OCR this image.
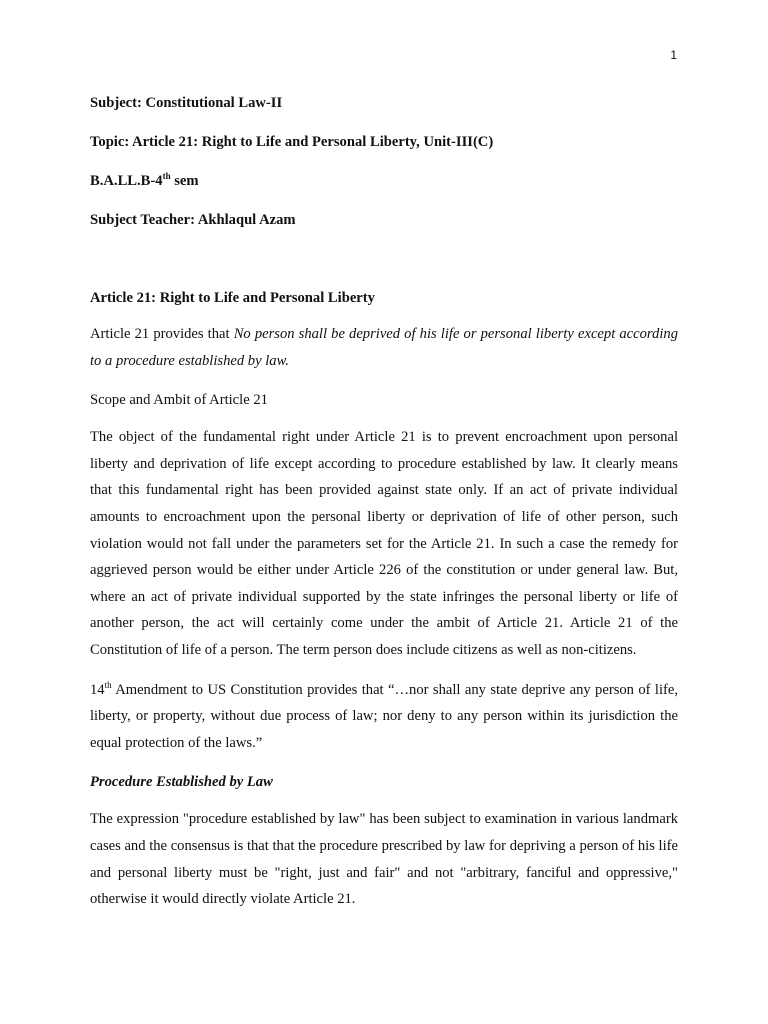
1
Subject: Constitutional Law-II
Topic: Article 21: Right to Life and Personal Liberty, Unit-III(C)
B.A.LL.B-4th sem
Subject Teacher: Akhlaqul Azam
Article 21: Right to Life and Personal Liberty

Article 21 provides that No person shall be deprived of his life or personal liberty except according to a procedure established by law.

Scope and Ambit of Article 21

The object of the fundamental right under Article 21 is to prevent encroachment upon personal liberty and deprivation of life except according to procedure established by law. It clearly means that this fundamental right has been provided against state only. If an act of private individual amounts to encroachment upon the personal liberty or deprivation of life of other person, such violation would not fall under the parameters set for the Article 21. In such a case the remedy for aggrieved person would be either under Article 226 of the constitution or under general law. But, where an act of private individual supported by the state infringes the personal liberty or life of another person, the act will certainly come under the ambit of Article 21. Article 21 of the Constitution of life of a person. The term person does include citizens as well as non-citizens.

14th Amendment to US Constitution provides that “…nor shall any state deprive any person of life, liberty, or property, without due process of law; nor deny to any person within its jurisdiction the equal protection of the laws.”

Procedure Established by Law

The expression "procedure established by law" has been subject to examination in various landmark cases and the consensus is that that the procedure prescribed by law for depriving a person of his life and personal liberty must be "right, just and fair" and not "arbitrary, fanciful and oppressive," otherwise it would directly violate Article 21.
